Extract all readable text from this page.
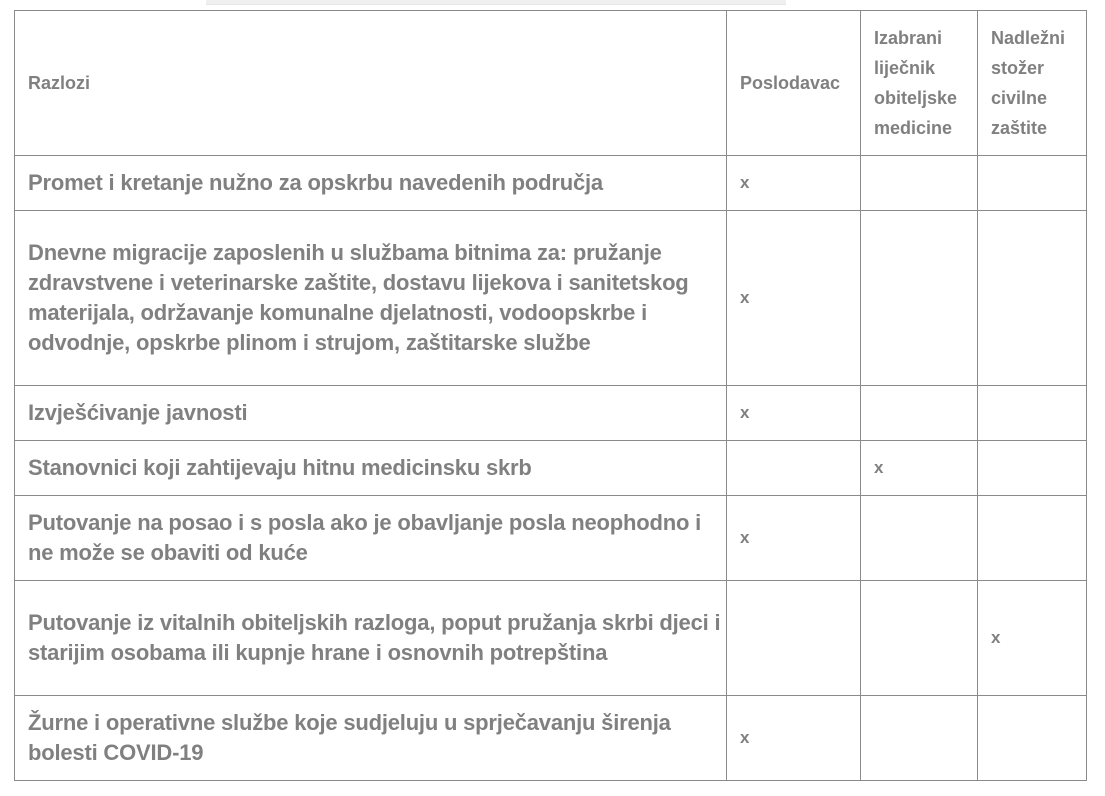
Razlozi	Poslodavac	Izabrani liječnik obiteljske medicine	Nadležni stožer civilne zaštite
Promet i kretanje nužno za opskrbu navedenih područja	x		
Dnevne migracije zaposlenih u službama bitnima za: pružanje zdravstvene i veterinarske zaštite, dostavu lijekova i sanitetskog materijala, održavanje komunalne djelatnosti, vodoopskrbe i odvodnje, opskrbe plinom i strujom, zaštitarske službe	x		
Izvješćivanje javnosti	x		
Stanovnici koji zahtijevaju hitnu medicinsku skrb		x	
Putovanje na posao i s posla ako je obavljanje posla neophodno i ne može se obaviti od kuće	x		
Putovanje iz vitalnih obiteljskih razloga, poput pružanja skrbi djeci i starijim osobama ili kupnje hrane i osnovnih potrepština			x
Žurne i operativne službe koje sudjeluju u sprječavanju širenja bolesti COVID-19	x		
